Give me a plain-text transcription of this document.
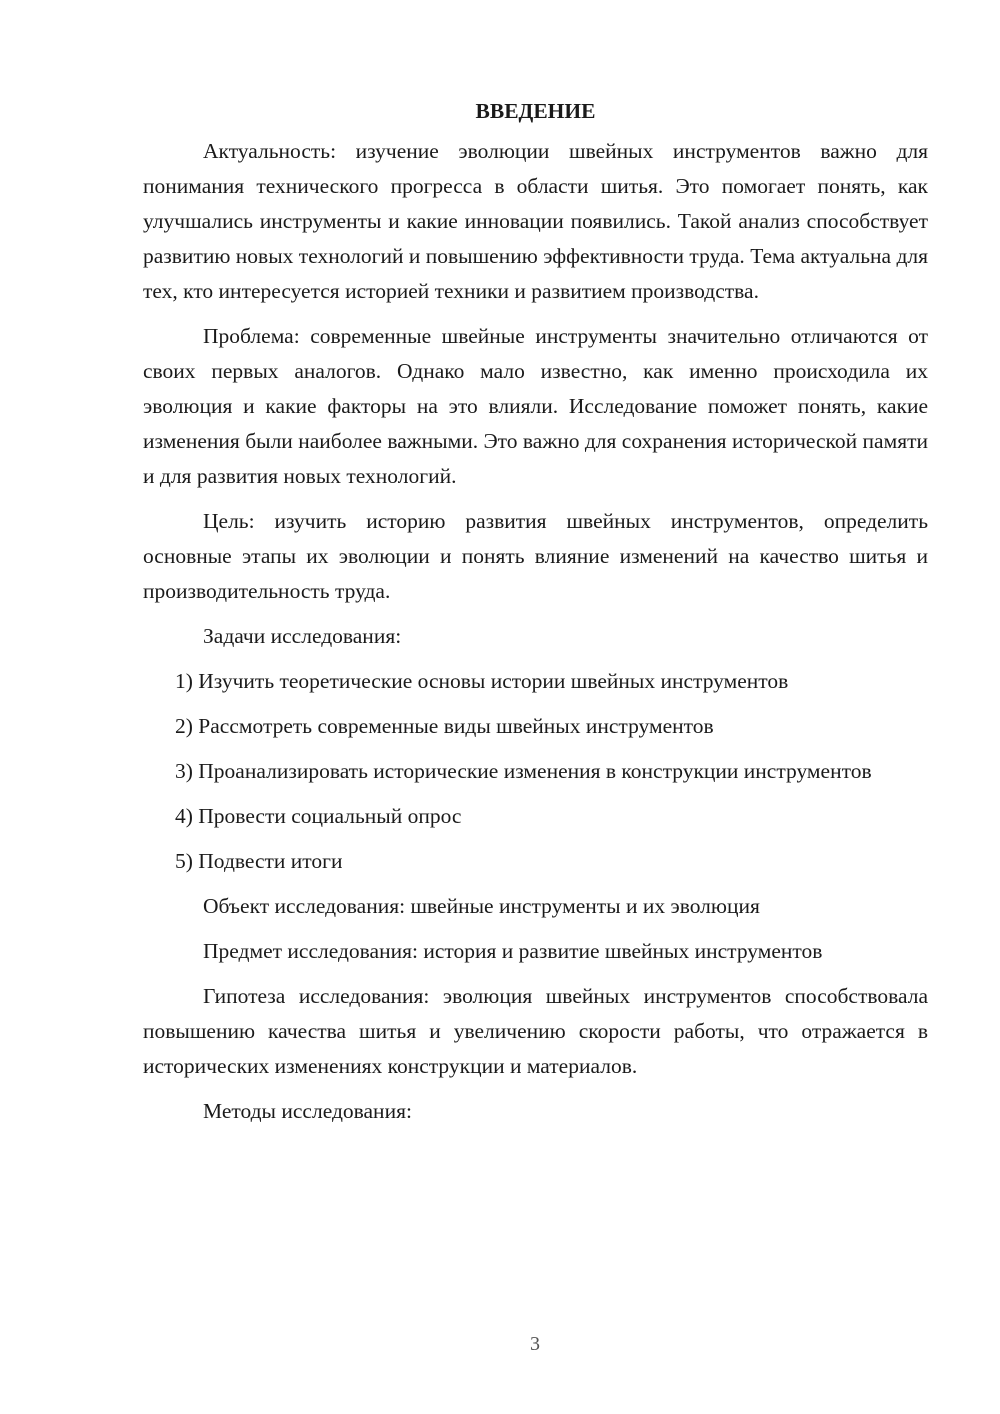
ВВЕДЕНИЕ

Актуальность: изучение эволюции швейных инструментов важно для понимания технического прогресса в области шитья. Это помогает понять, как улучшались инструменты и какие инновации появились. Такой анализ способствует развитию новых технологий и повышению эффективности труда. Тема актуальна для тех, кто интересуется историей техники и развитием производства.

Проблема: современные швейные инструменты значительно отличаются от своих первых аналогов. Однако мало известно, как именно происходила их эволюция и какие факторы на это влияли. Исследование поможет понять, какие изменения были наиболее важными. Это важно для сохранения исторической памяти и для развития новых технологий.

Цель: изучить историю развития швейных инструментов, определить основные этапы их эволюции и понять влияние изменений на качество шитья и производительность труда.

Задачи исследования:

1) Изучить теоретические основы истории швейных инструментов

2) Рассмотреть современные виды швейных инструментов

3) Проанализировать исторические изменения в конструкции инструментов

4) Провести социальный опрос

5) Подвести итоги

Объект исследования: швейные инструменты и их эволюция

Предмет исследования: история и развитие швейных инструментов

Гипотеза исследования: эволюция швейных инструментов способствовала повышению качества шитья и увеличению скорости работы, что отражается в исторических изменениях конструкции и материалов.

Методы исследования:

3
